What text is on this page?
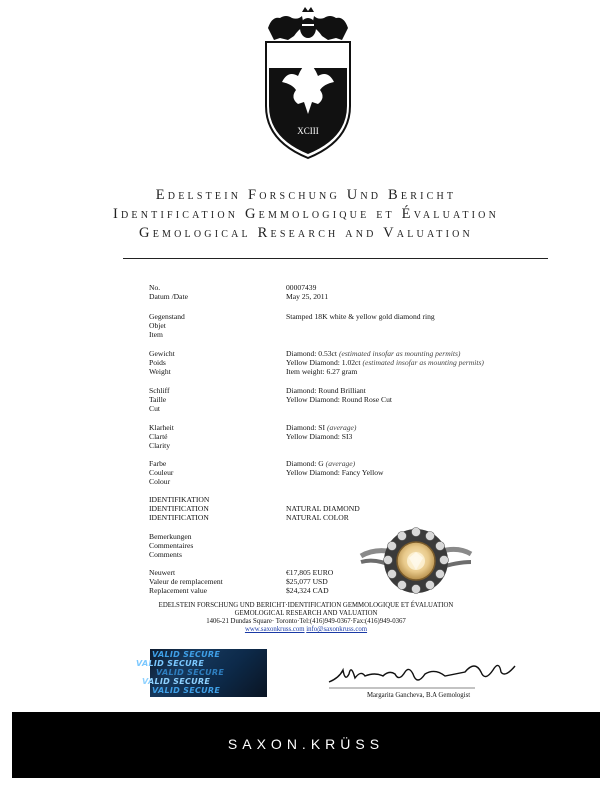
XCIII
Edelstein Forschung Und Bericht
Identification Gemmologique et Évaluation
Gemological Research and Valuation
No.	00007439
Datum /Date	May 25, 2011
Gegenstand
Objet
Item
Stamped 18K white & yellow gold diamond ring
Gewicht
Poids
Weight
Diamond: 0.53ct (estimated insofar as mounting permits)
Yellow Diamond: 1.02ct (estimated insofar as mounting permits)
Item weight: 6.27 gram
Schliff
Taille
Cut
Diamond: Round Brilliant
Yellow Diamond: Round Rose Cut
Klarheit
Clarté
Clarity
Diamond: SI (average)
Yellow Diamond: SI3
Farbe
Couleur
Colour
Diamond: G (average)
Yellow Diamond: Fancy Yellow
IDENTIFIKATION
IDENTIFICATION
IDENTIFICATION
NATURAL DIAMOND
NATURAL COLOR
Bemerkungen
Commentaires
Comments
Neuwert
Valeur de remplacement
Replacement value
€17,805 EURO
$25,077 USD
$24,324 CAD
EDELSTEIN FORSCHUNG UND BERICHT·IDENTIFICATION GEMMOLOGIQUE ET ÉVALUATION
GEMOLOGICAL RESEARCH AND VALUATION
1406-21 Dundas Square· Toronto·Tel:(416)949-0367·Fax:(416)949-0367
www.saxonkruss.com info@saxonkruss.com
VALID SECURE
VALID SECURE
VALID SECURE
VALID SECURE
VALID SECURE
Margarita Gancheva, B.A Gemologist
SAXON.KRÜSS
